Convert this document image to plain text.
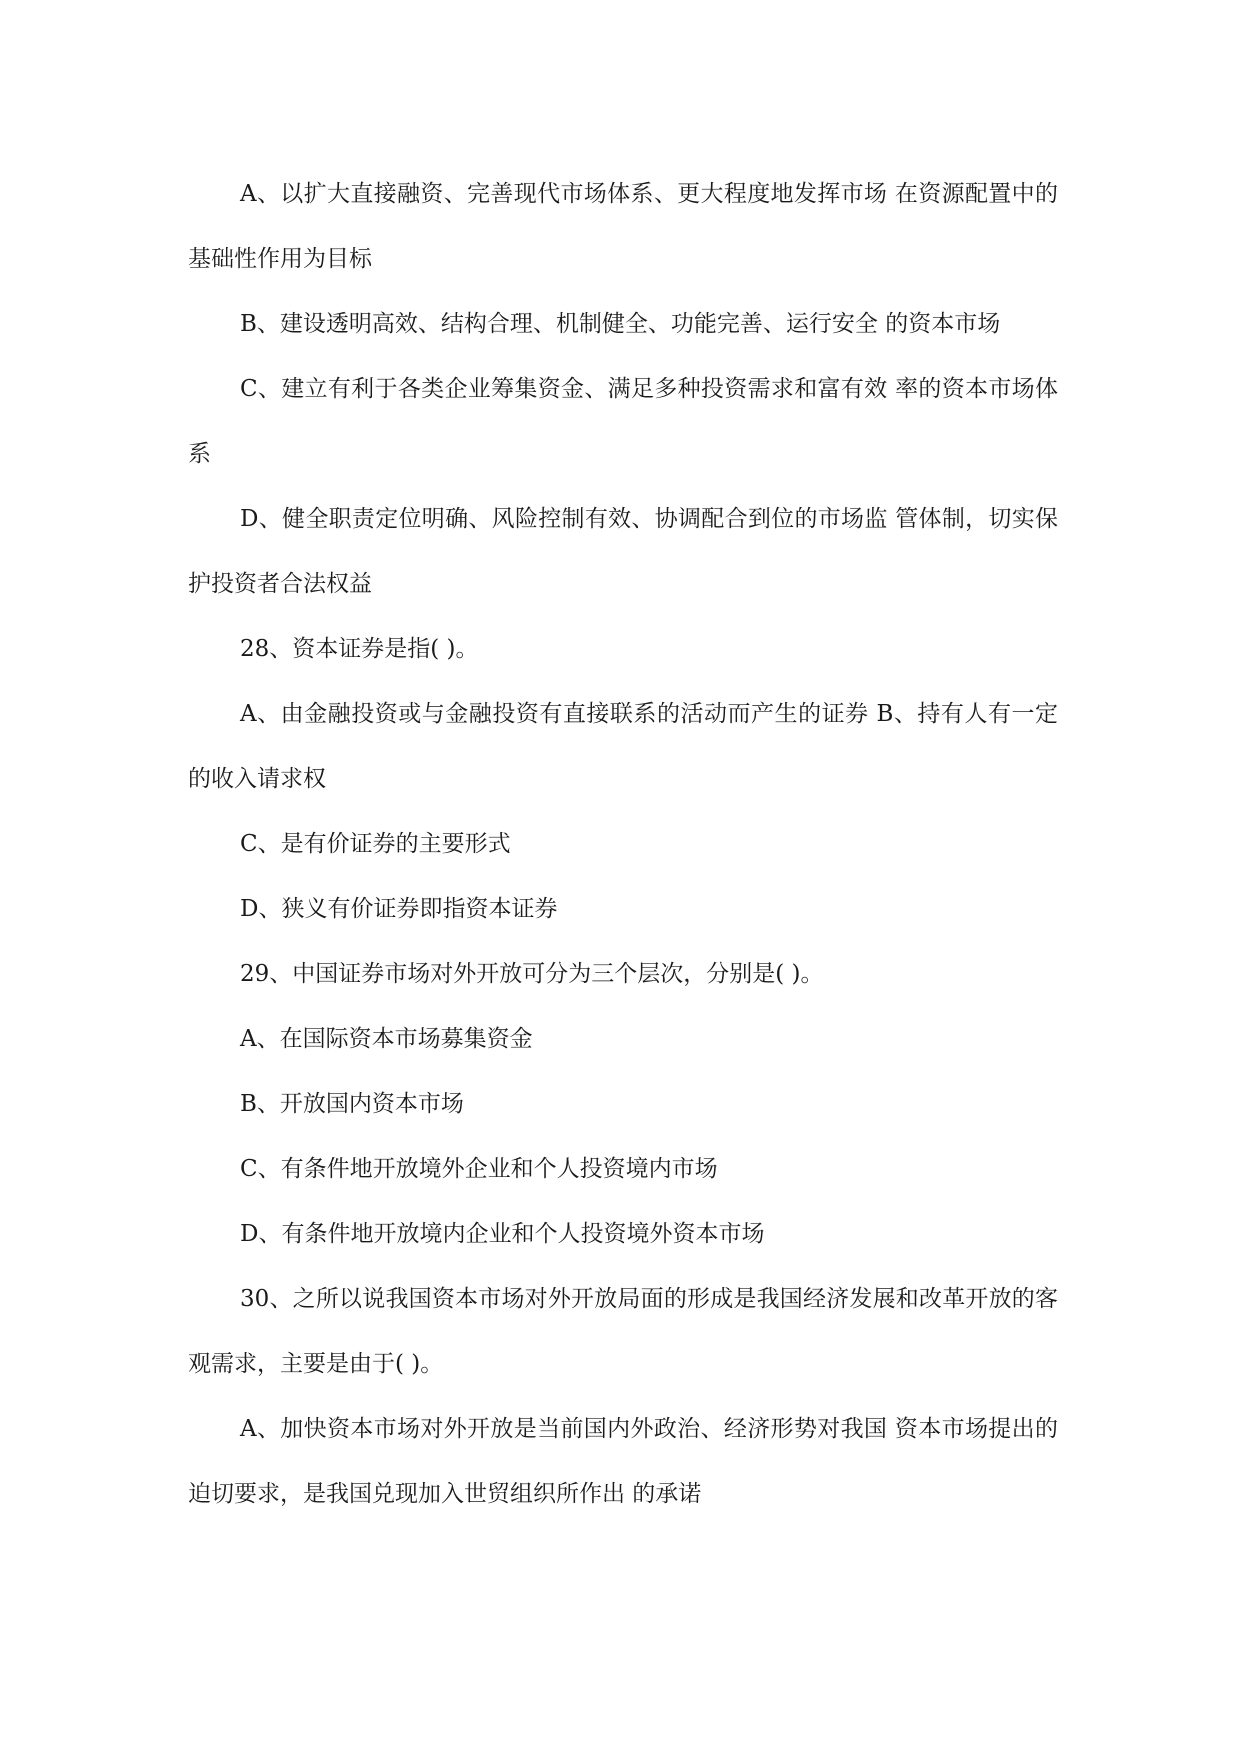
A、以扩大直接融资、完善现代市场体系、更大程度地发挥市场 在资源配置中的基础性作用为目标

B、建设透明高效、结构合理、机制健全、功能完善、运行安全 的资本市场

C、建立有利于各类企业筹集资金、满足多种投资需求和富有效 率的资本市场体系

D、健全职责定位明确、风险控制有效、协调配合到位的市场监 管体制，切实保护投资者合法权益

28、资本证券是指( )。

A、由金融投资或与金融投资有直接联系的活动而产生的证券 B、持有人有一定的收入请求权

C、是有价证券的主要形式

D、狭义有价证券即指资本证券

29、中国证券市场对外开放可分为三个层次，分别是( )。

A、在国际资本市场募集资金

B、开放国内资本市场

C、有条件地开放境外企业和个人投资境内市场

D、有条件地开放境内企业和个人投资境外资本市场

30、之所以说我国资本市场对外开放局面的形成是我国经济发展和改革开放的客观需求，主要是由于( )。

A、加快资本市场对外开放是当前国内外政治、经济形势对我国 资本市场提出的迫切要求，是我国兑现加入世贸组织所作出 的承诺
